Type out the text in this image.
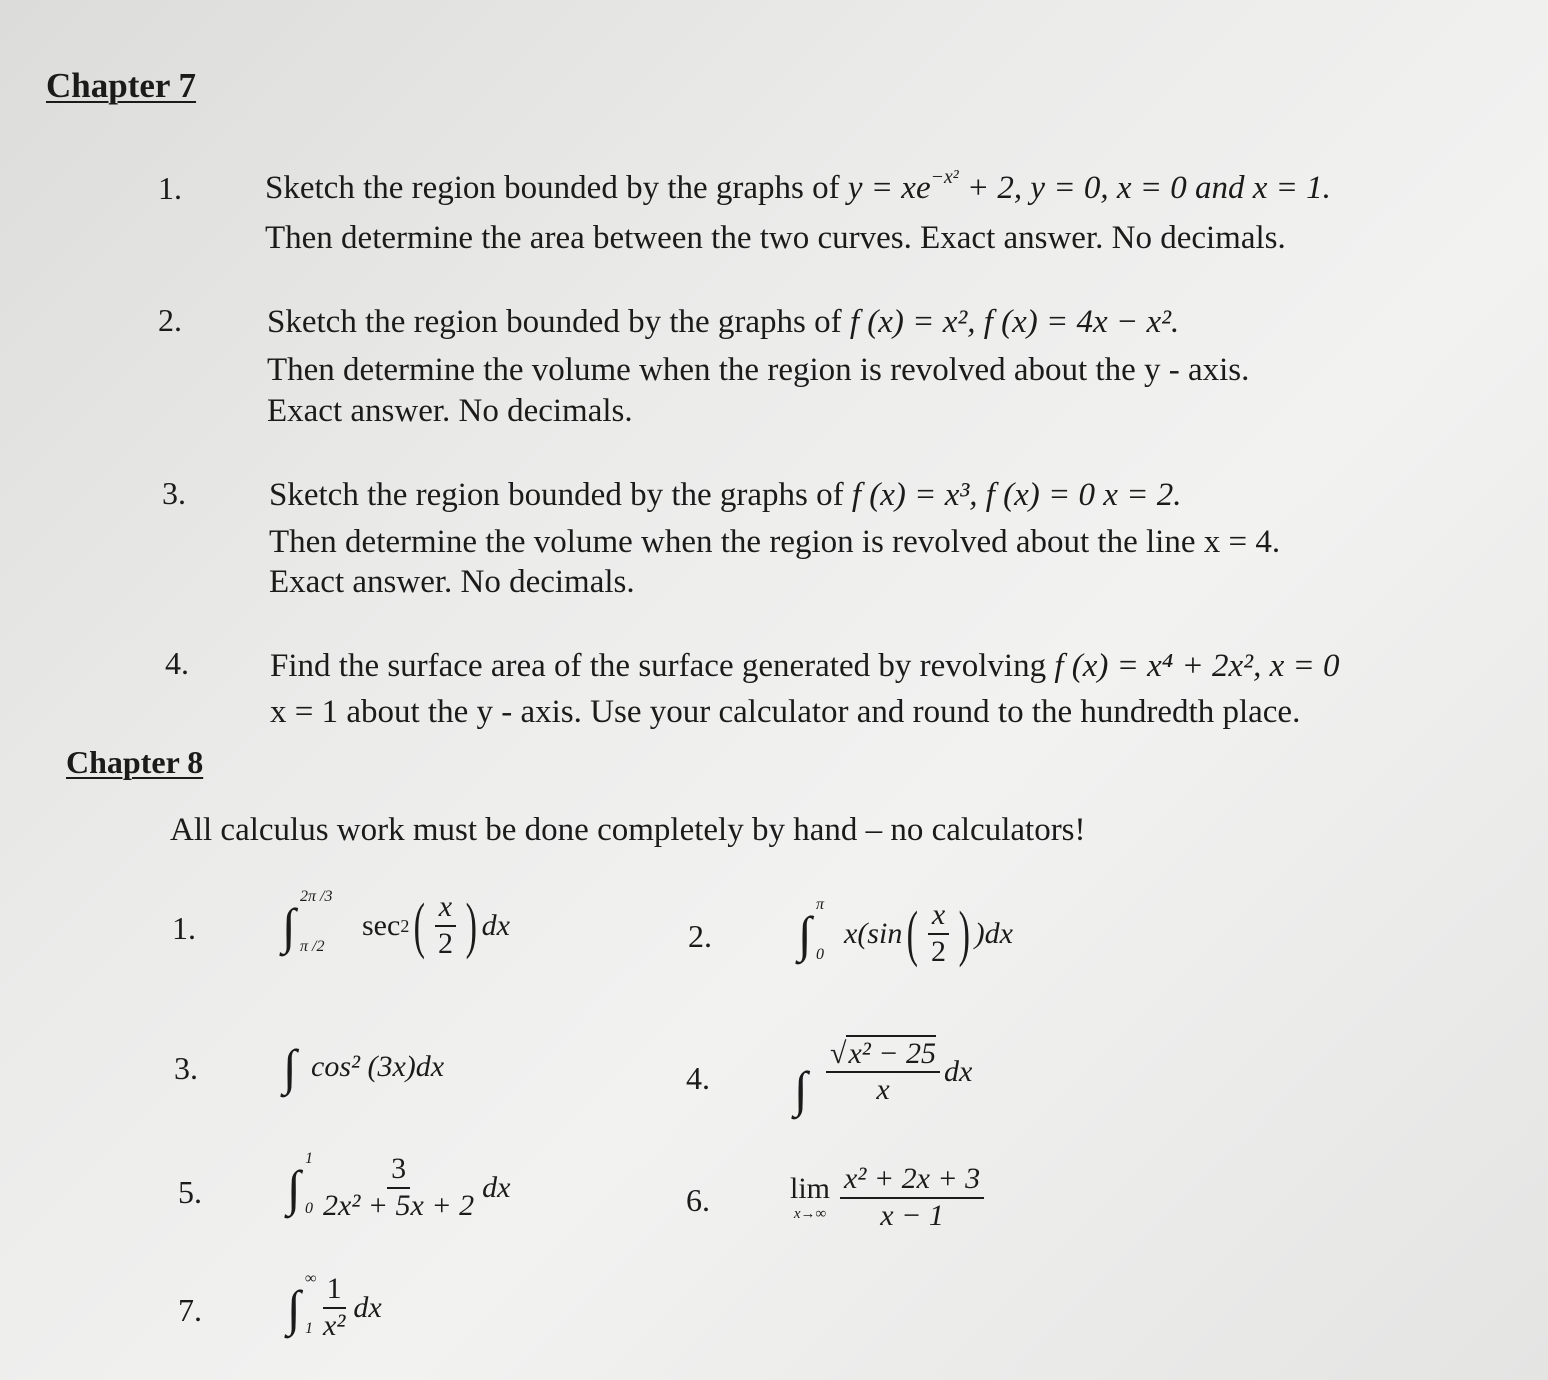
Chapter 7
1.	Sketch the region bounded by the graphs of $y = xe^{-x^2} + 2$, y = 0, x = 0 and x = 1.
Then determine the area between the two curves. Exact answer. No decimals.
2.	Sketch the region bounded by the graphs of f (x) = x², f (x) = 4x − x².
Then determine the volume when the region is revolved about the y - axis.
Exact answer. No decimals.
3.	Sketch the region bounded by the graphs of f (x) = x³, f (x) = 0 x = 2.
Then determine the volume when the region is revolved about the line x = 4.
Exact answer. No decimals.
4. Find the surface area of the surface generated by revolving f (x) = x⁴ + 2x², x = 0
x = 1 about the y - axis. Use your calculator and round to the hundredth place.
Chapter 8
All calculus work must be done completely by hand – no calculators!
1. ∫
2π /3
π /2
sec 2 ( $\frac{x}{2}$ ) dx	2. ∫
π
0
x(sin ( $\frac{x}{2}$ ) )dx
3. ∫ cos² (3x)dx	4. ∫ $\frac{\text{√x² − 25}}{x}$ dx
5. ∫
1
$0 \frac{3}{\text{2x² + 5x + 2}}$ dx	6.	lim
$x\to\infty \frac{\text{x² + 2x + 3}}{x - 1}$
7. ∫
∞
$1 \frac{1}{\text{x²}}$ dx
